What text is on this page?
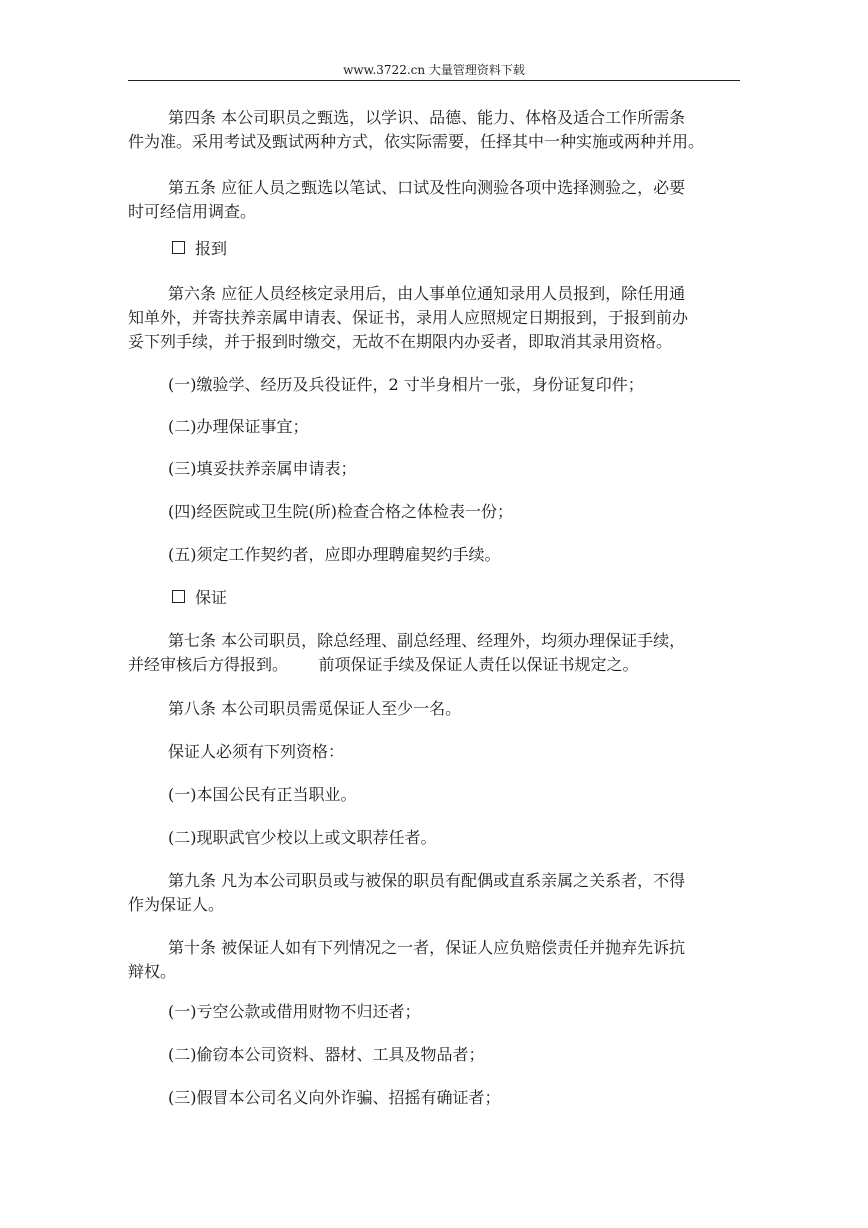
www.3722.cn 大量管理资料下载
第四条 本公司职员之甄选，以学识、品德、能力、体格及适合工作所需条
件为准。采用考试及甄试两种方式，依实际需要，任择其中一种实施或两种并用。
第五条 应征人员之甄选以笔试、口试及性向测验各项中选择测验之，必要
时可经信用调查。
报到
第六条 应征人员经核定录用后，由人事单位通知录用人员报到，除任用通
知单外，并寄扶养亲属申请表、保证书，录用人应照规定日期报到，于报到前办
妥下列手续，并于报到时缴交，无故不在期限内办妥者，即取消其录用资格。
(一)缴验学、经历及兵役证件，2 寸半身相片一张，身份证复印件；
(二)办理保证事宜；
(三)填妥扶养亲属申请表；
(四)经医院或卫生院(所)检查合格之体检表一份；
(五)须定工作契约者，应即办理聘雇契约手续。
保证
第七条 本公司职员，除总经理、副总经理、经理外，均须办理保证手续，
并经审核后方得报到。      前项保证手续及保证人责任以保证书规定之。
第八条 本公司职员需觅保证人至少一名。
保证人必须有下列资格：
(一)本国公民有正当职业。
(二)现职武官少校以上或文职荐任者。
第九条 凡为本公司职员或与被保的职员有配偶或直系亲属之关系者，不得
作为保证人。
第十条 被保证人如有下列情况之一者，保证人应负赔偿责任并抛弃先诉抗
辩权。
(一)亏空公款或借用财物不归还者；
(二)偷窃本公司资料、器材、工具及物品者；
(三)假冒本公司名义向外诈骗、招摇有确证者；
